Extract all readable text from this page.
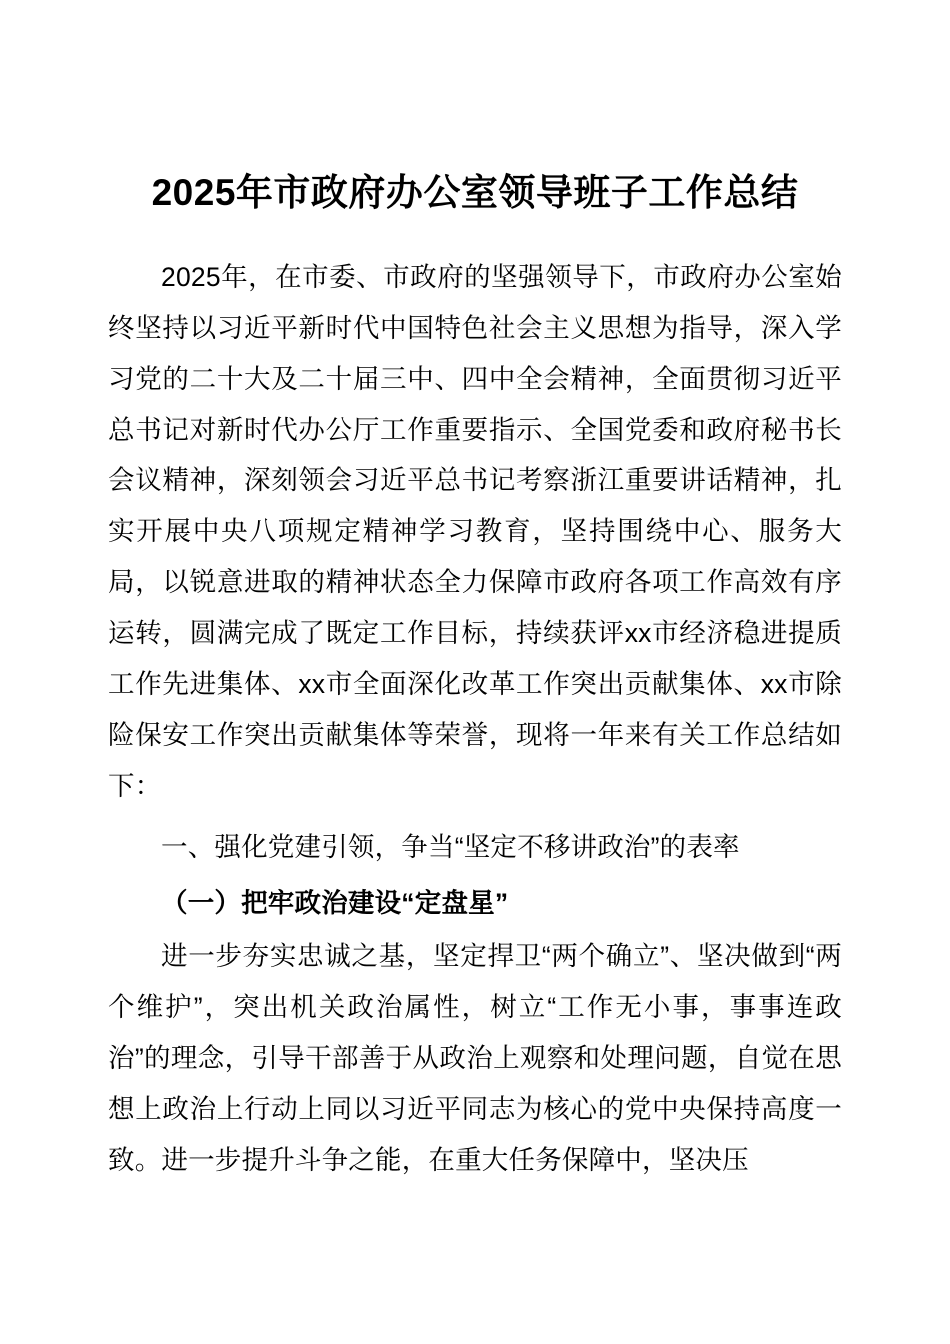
2025年市政府办公室领导班子工作总结

2025年，在市委、市政府的坚强领导下，市政府办公室始终坚持以习近平新时代中国特色社会主义思想为指导，深入学习党的二十大及二十届三中、四中全会精神，全面贯彻习近平总书记对新时代办公厅工作重要指示、全国党委和政府秘书长会议精神，深刻领会习近平总书记考察浙江重要讲话精神，扎实开展中央八项规定精神学习教育，坚持围绕中心、服务大局，以锐意进取的精神状态全力保障市政府各项工作高效有序运转，圆满完成了既定工作目标，持续获评xx市经济稳进提质工作先进集体、xx市全面深化改革工作突出贡献集体、xx市除险保安工作突出贡献集体等荣誉，现将一年来有关工作总结如下：

一、强化党建引领，争当“坚定不移讲政治”的表率

（一）把牢政治建设“定盘星”

进一步夯实忠诚之基，坚定捍卫“两个确立”、坚决做到“两个维护”，突出机关政治属性，树立“工作无小事，事事连政治”的理念，引导干部善于从政治上观察和处理问题，自觉在思想上政治上行动上同以习近平同志为核心的党中央保持高度一致。进一步提升斗争之能，在重大任务保障中，坚决压
